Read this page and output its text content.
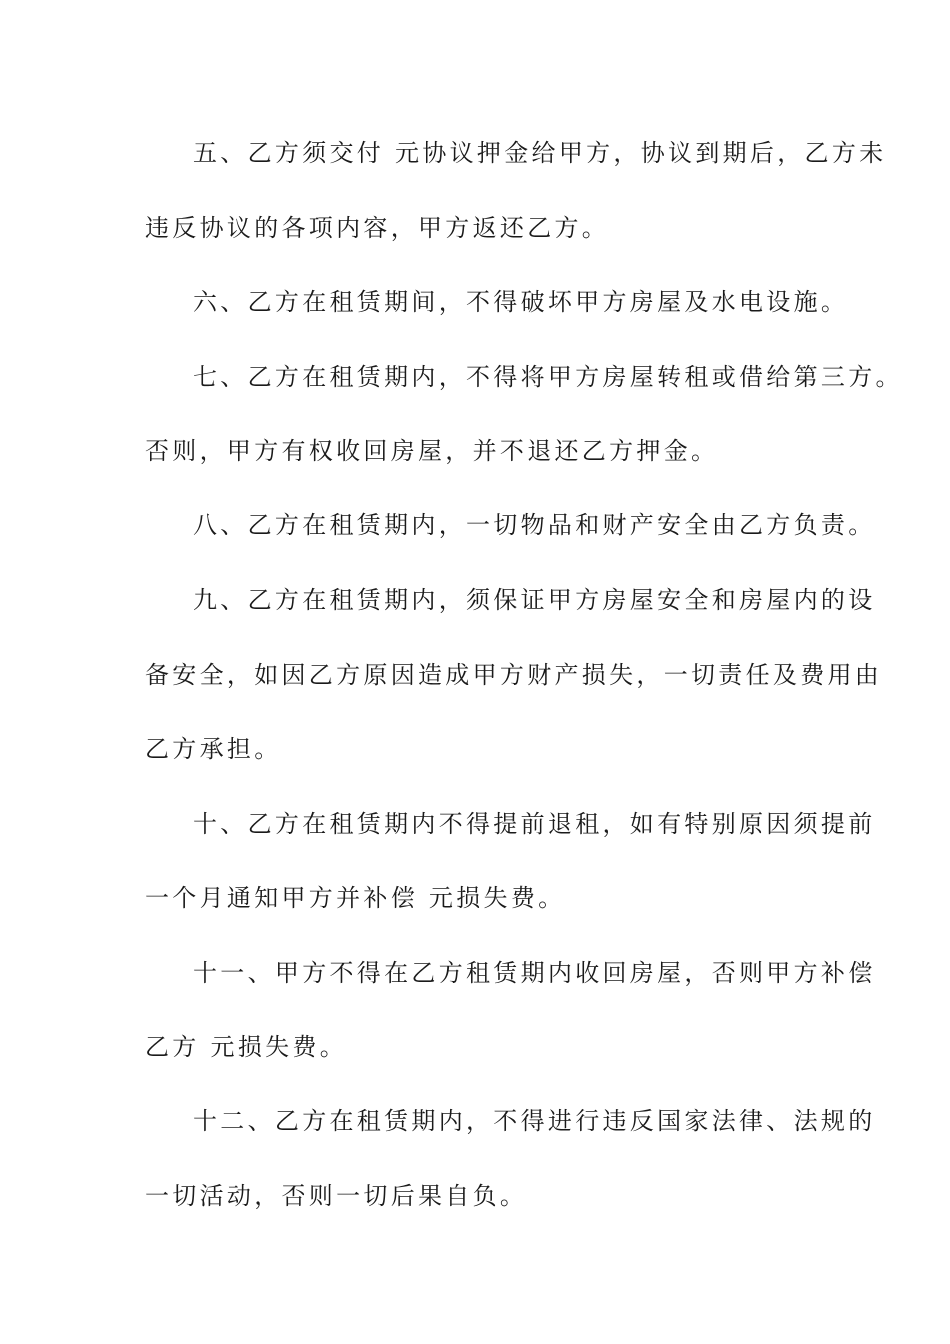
五、乙方须交付 元协议押金给甲方，协议到期后，乙方未
违反协议的各项内容，甲方返还乙方。
六、乙方在租赁期间，不得破坏甲方房屋及水电设施。
七、乙方在租赁期内，不得将甲方房屋转租或借给第三方。
否则，甲方有权收回房屋，并不退还乙方押金。
八、乙方在租赁期内，一切物品和财产安全由乙方负责。
九、乙方在租赁期内，须保证甲方房屋安全和房屋内的设
备安全，如因乙方原因造成甲方财产损失，一切责任及费用由
乙方承担。
十、乙方在租赁期内不得提前退租，如有特别原因须提前
一个月通知甲方并补偿 元损失费。
十一、甲方不得在乙方租赁期内收回房屋，否则甲方补偿
乙方 元损失费。
十二、乙方在租赁期内，不得进行违反国家法律、法规的
一切活动，否则一切后果自负。
